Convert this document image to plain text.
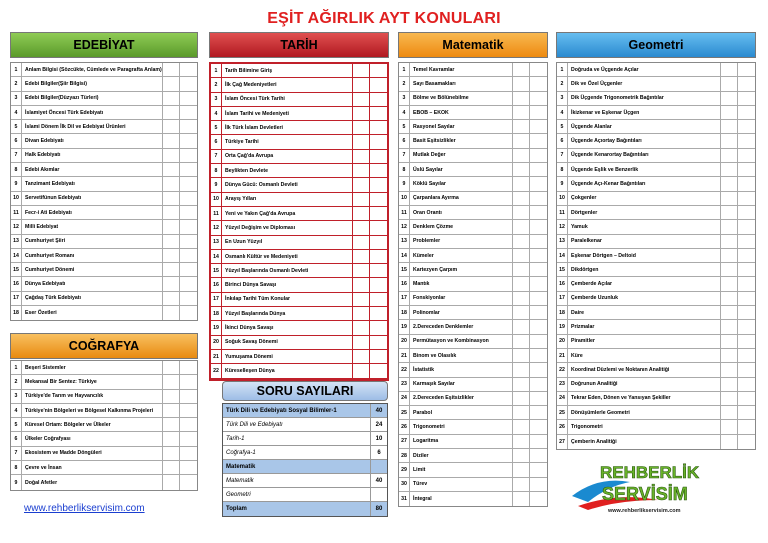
EŞİT AĞIRLIK AYT KONULARI
EDEBİYAT
1	Anlam Bilgisi (Sözcükte, Cümlede ve Paragrafta Anlam)
2	Edebi Bilgiler(Şiir Bilgisi)
3	Edebi Bilgiler(Düzyazı Türleri)
4	İslamiyet Öncesi Türk Edebiyatı
5	İslami Dönem İlk Dil ve Edebiyat Ürünleri
6	Divan Edebiyatı
7	Halk Edebiyatı
8	Edebi Akımlar
9	Tanzimant Edebiyatı
10	Servetifünun Edebiyatı
11	Fecr-i Ati Edebiyatı
12	Milli Edebiyat
13	Cumhuriyet Şiiri
14	Cumhuriyet Romanı
15	Cumhuriyet Dönemi
16	Dünya Edebiyatı
17	Çağdaş Türk Edebiyatı
18	Eser Özetleri
COĞRAFYA
1	Beşeri Sistemler
2	Mekansal Bir Sentez: Türkiye
3	Türkiye'de Tarım ve Hayvancılık
4	Türkiye'nin Bölgeleri ve Bölgesel Kalkınma Projeleri
5	Küresel Ortam: Bölgeler ve Ülkeler
6	Ülkeler Coğrafyası
7	Ekosistem ve Madde Döngüleri
8	Çevre ve İnsan
9	Doğal Afetler
TARİH
1	Tarih Bilimine Giriş
2	İlk Çağ Medeniyetleri
3	İslam Öncesi Türk Tarihi
4	İslam Tarihi ve Medeniyeti
5	İlk Türk İslam Devletleri
6	Türkiye Tarihi
7	Orta Çağ'da Avrupa
8	Beylikten Devlete
9	Dünya Gücü: Osmanlı Devleti
10	Arayış Yılları
11	Yeni ve Yakın Çağ'da Avrupa
12	Yüzyıl Değişim ve Diploması
13	En Uzun Yüzyıl
14	Osmanlı Kültür ve Medeniyeti
15	Yüzyıl Başlarında Osmanlı Devleti
16	Birinci Dünya Savaşı
17	İnkılap Tarihi Tüm Konular
18	Yüzyıl Başlarında Dünya
19	İkinci Dünya Savaşı
20	Soğuk Savaş Dönemi
21	Yumuşama Dönemi
22	Küreselleşen Dünya
SORU SAYILARI
Türk Dili ve Edebiyatı Sosyal Bilimler-1	40
Türk Dili ve Edebiyatı	24
Tarih-1	10
Coğrafya-1	6
Matematik
Matematik	40
Geometri
Toplam	80
Matematik
1	Temel Kavramlar
2	Sayı Basamakları
3	Bölme ve Bölünebilme
4	EBOB – EKOK
5	Rasyonel Sayılar
6	Basit Eşitsizlikler
7	Mutlak Değer
8	Üslü Sayılar
9	Köklü Sayılar
10	Çarpanlara Ayırma
11	Oran Orantı
12	Denklem Çözme
13	Problemler
14	Kümeler
15	Kartezyen Çarpım
16	Mantık
17	Fonskiyonlar
18	Polinomlar
19	2.Dereceden Denklemler
20	Permütasyon ve Kombinasyon
21	Binom ve Olasılık
22	İstatistik
23	Karmaşık Sayılar
24	2.Dereceden Eşitsizlikler
25	Parabol
26	Trigonometri
27	Logaritma
28	Diziler
29	Limit
30	Türev
31	İntegral
Geometri
1	Doğruda ve Üçgende Açılar
2	Dik ve Özel Üçgenler
3	Dik Üçgende Trigonometrik Bağıntılar
4	İkizkenar ve Eşkenar Üçgen
5	Üçgende Alanlar
6	Üçgende Açıortay Bağıntıları
7	Üçgende Kenarortay Bağıntıları
8	Üçgende Eşlik ve Benzerlik
9	Üçgende Açı-Kenar Bağıntıları
10	Çokgenler
11	Dörtgenler
12	Yamuk
13	Paralelkenar
14	Eşkenar Dörtgen – Deltoid
15	Dikdörtgen
16	Çemberde Açılar
17	Çemberde Uzunluk
18	Daire
19	Prizmalar
20	Piramitler
21	Küre
22	Koordinat Düzlemi ve Noktanın Analitiği
23	Doğrunun Analitiği
24	Tekrar Eden, Dönen ve Yansıyan Şekiller
25	Dönüşümlerle Geometri
26	Trigonometri
27	Çemberin Analitiği
www.rehberlikservisim.com
REHBERLİK
SERVİSİM
www.rehberlikservisim.com
